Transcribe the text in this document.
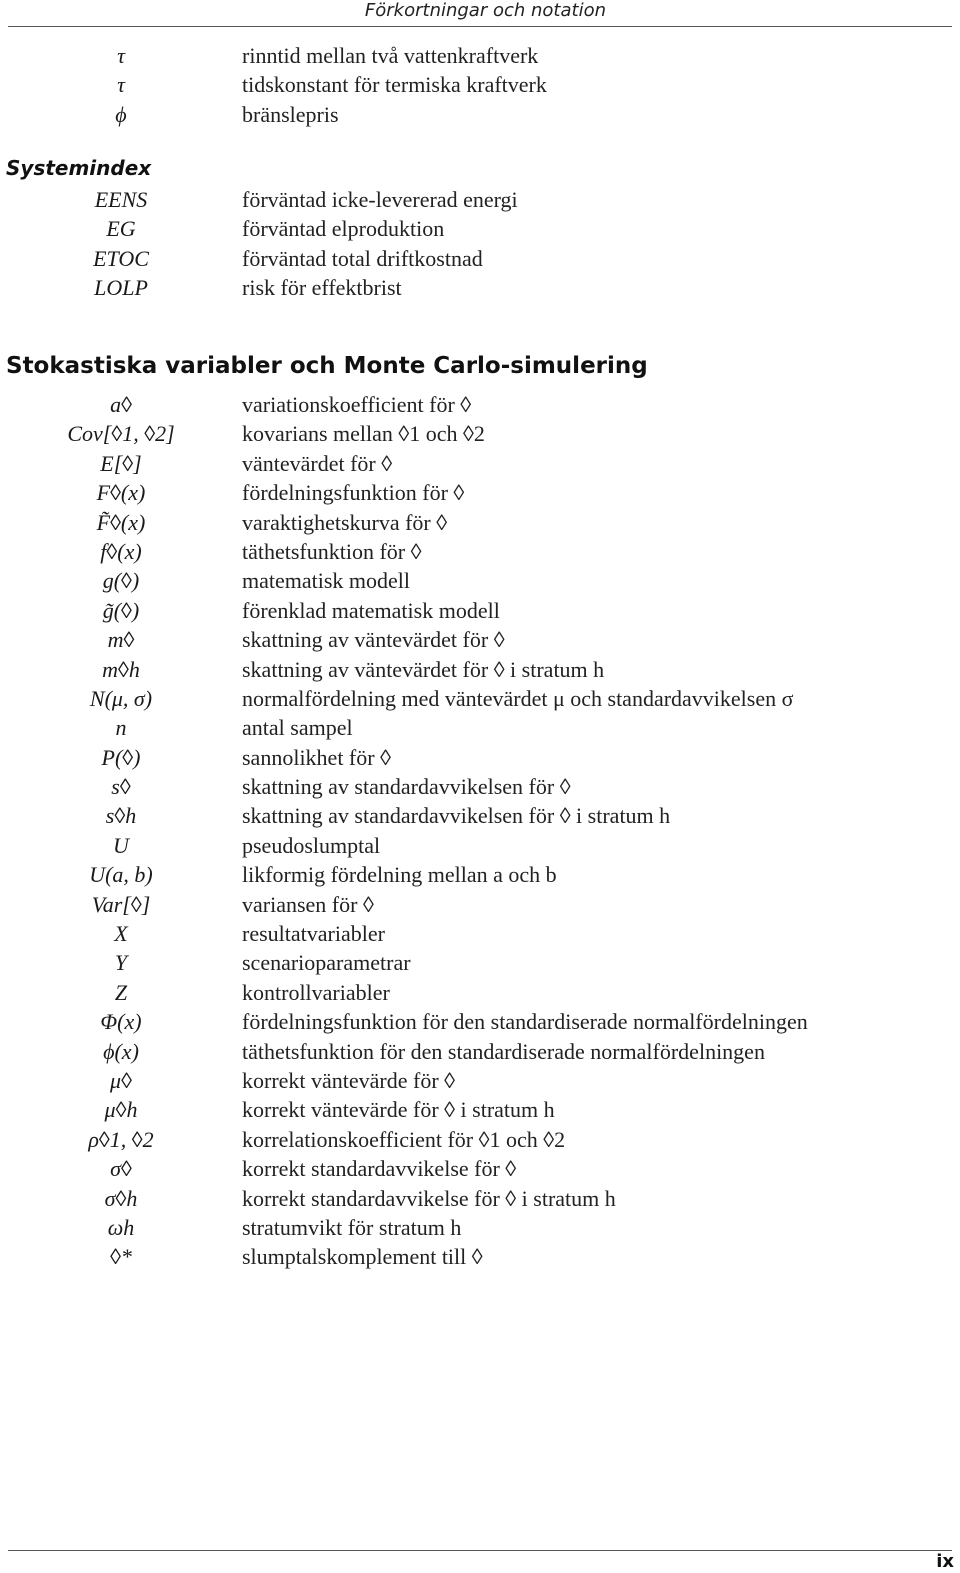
Förkortningar och notation
τ	rinntid mellan två vattenkraftverk
τ	tidskonstant för termiska kraftverk
ϕ	bränslepris
Systemindex
EENS	förväntad icke-levererad energi
EG	förväntad elproduktion
ETOC	förväntad total driftkostnad
LOLP	risk för effektbrist
Stokastiska variabler och Monte Carlo-simulering
a◊	variationskoefficient för ◊
Cov[◊1, ◊2]	kovarians mellan ◊1 och ◊2
E[◊]	väntevärdet för ◊
F◊(x)	fördelningsfunktion för ◊
F̃◊(x)	varaktighetskurva för ◊
f◊(x)	täthetsfunktion för ◊
g(◊)	matematisk modell
g̃(◊)	förenklad matematisk modell
m◊	skattning av väntevärdet för ◊
m◊h	skattning av väntevärdet för ◊ i stratum h
N(μ, σ)	normalfördelning med väntevärdet μ och standardavvikelsen σ
n	antal sampel
P(◊)	sannolikhet för ◊
s◊	skattning av standardavvikelsen för ◊
s◊h	skattning av standardavvikelsen för ◊ i stratum h
U	pseudoslumptal
U(a, b)	likformig fördelning mellan a och b
Var[◊]	variansen för ◊
X	resultatvariabler
Y	scenarioparametrar
Z	kontrollvariabler
Φ(x)	fördelningsfunktion för den standardiserade normalfördelningen
ϕ(x)	täthetsfunktion för den standardiserade normalfördelningen
μ◊	korrekt väntevärde för ◊
μ◊h	korrekt väntevärde för ◊ i stratum h
ρ◊1, ◊2	korrelationskoefficient för ◊1 och ◊2
σ◊	korrekt standardavvikelse för ◊
σ◊h	korrekt standardavvikelse för ◊ i stratum h
ωh	stratumvikt för stratum h
◊*	slumptalskomplement till ◊
ix
